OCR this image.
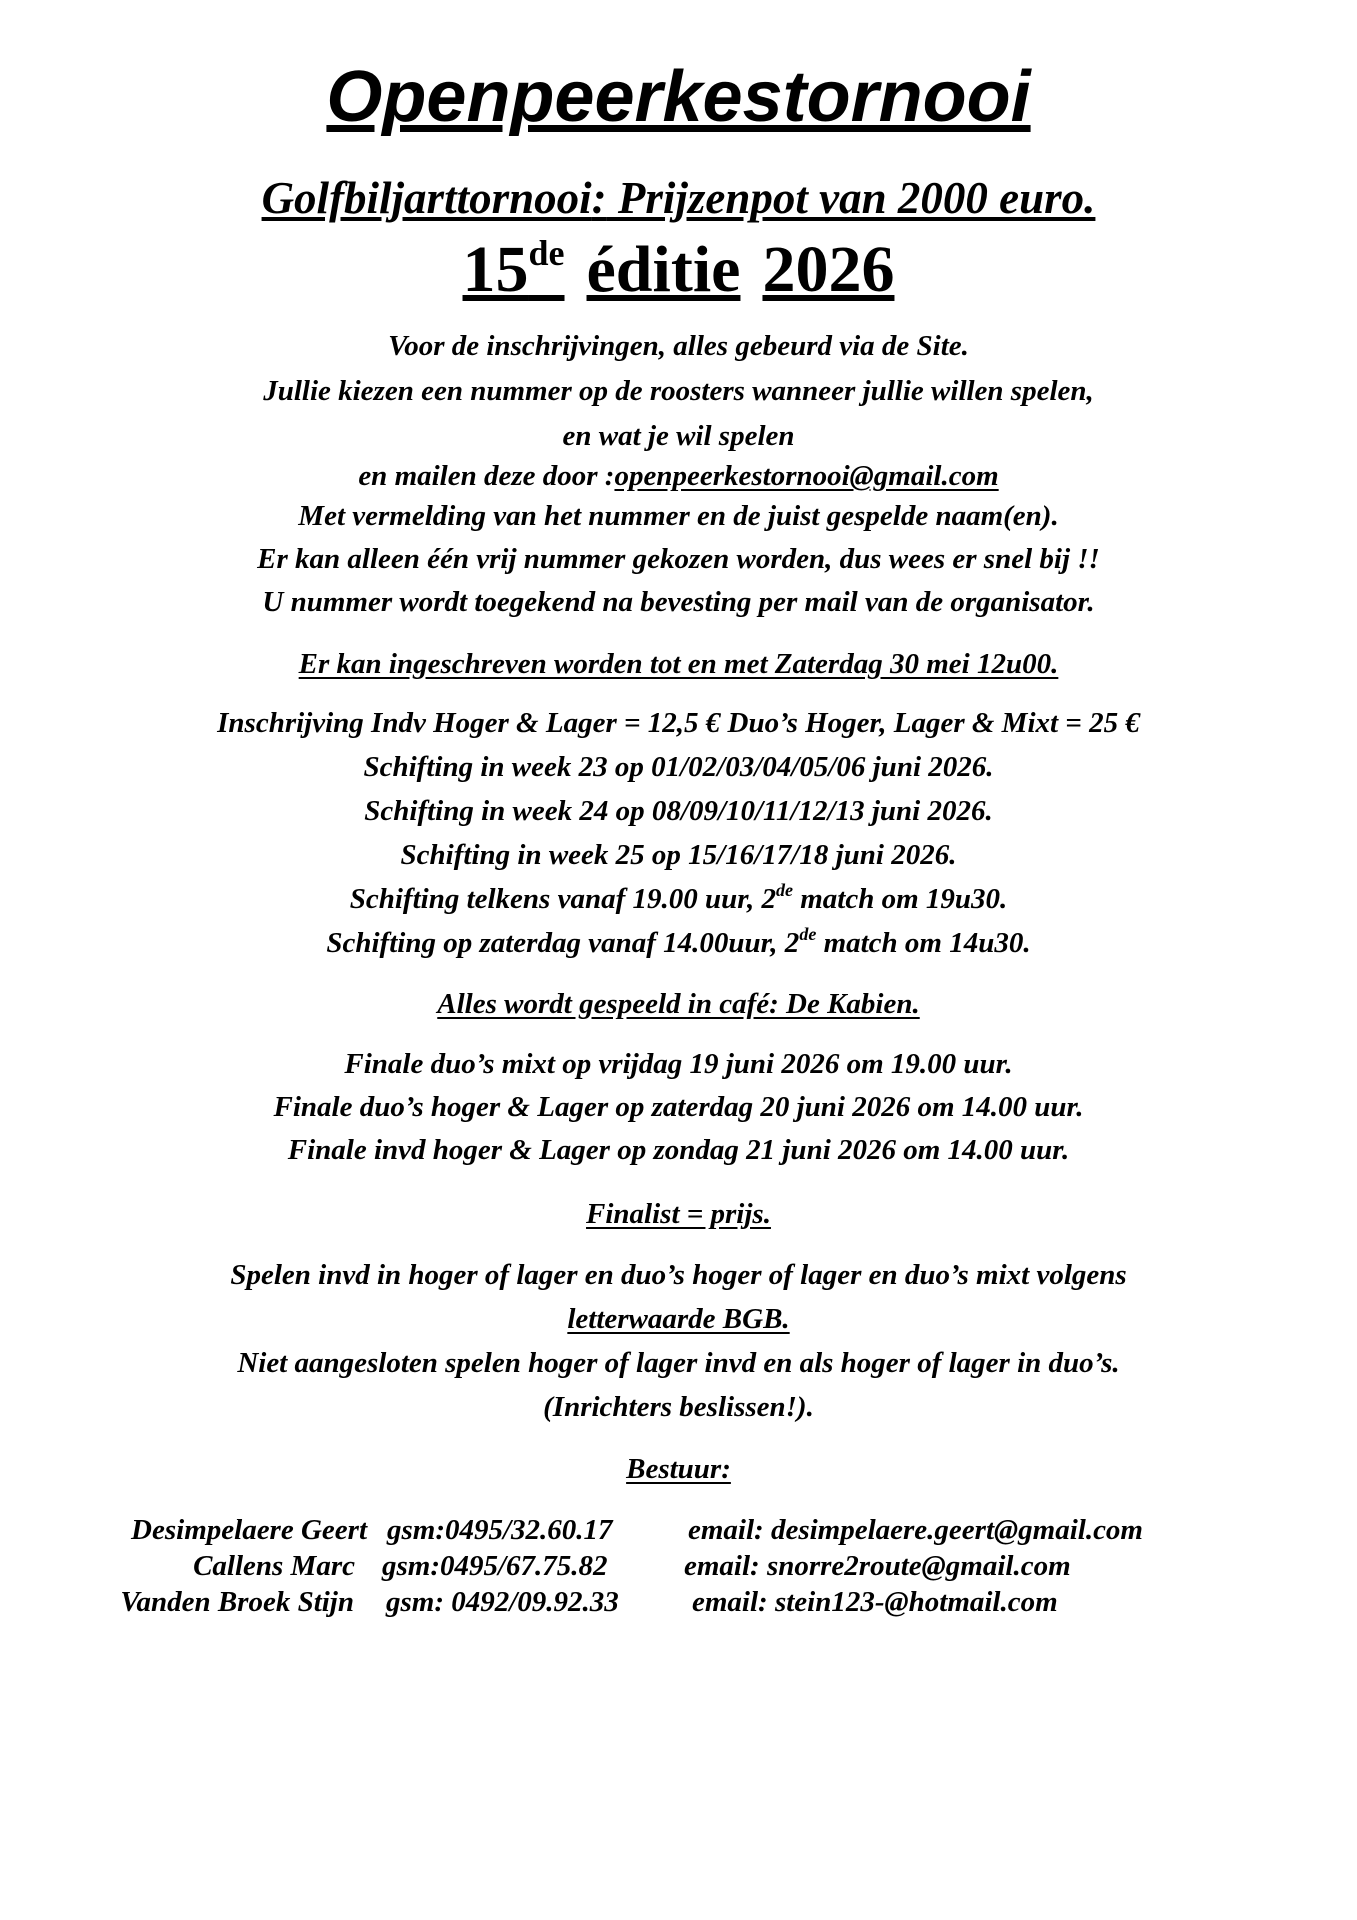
Openpeerkestornooi
Golfbiljarttornooi: Prijzenpot van 2000 euro.
15de éditie 2026
Voor de inschrijvingen, alles gebeurd via de Site.
Jullie kiezen een nummer op de roosters wanneer jullie willen spelen,
en wat je wil spelen
en mailen deze door :openpeerkestornooi@gmail.com
Met vermelding van het nummer en de juist gespelde naam(en).
Er kan alleen één vrij nummer gekozen worden, dus wees er snel bij !!
U nummer wordt toegekend na bevesting per mail van de organisator.
Er kan ingeschreven worden tot en met Zaterdag 30 mei 12u00.
Inschrijving Indv Hoger & Lager = 12,5 € Duo’s Hoger, Lager & Mixt = 25 €
Schifting in week 23 op 01/02/03/04/05/06 juni 2026.
Schifting in week 24 op 08/09/10/11/12/13 juni 2026.
Schifting in week 25 op 15/16/17/18 juni 2026.
Schifting telkens vanaf 19.00 uur, 2de match om 19u30.
Schifting op zaterdag vanaf 14.00uur, 2de match om 14u30.
Alles wordt gespeeld in café: De Kabien.
Finale duo’s mixt op vrijdag 19 juni 2026 om 19.00 uur.
Finale duo’s hoger & Lager op zaterdag 20 juni 2026 om 14.00 uur.
Finale invd hoger & Lager op zondag 21 juni 2026 om 14.00 uur.
Finalist = prijs.
Spelen invd in hoger of lager en duo’s hoger of lager en duo’s mixt volgens
letterwaarde BGB.
Niet aangesloten spelen hoger of lager invd en als hoger of lager in duo’s.
(Inrichters beslissen!).
Bestuur:
Desimpelaere Geert gsm:0495/32.60.17	email: desimpelaere.geert@gmail.com
Callens Marc gsm:0495/67.75.82	email: snorre2route@gmail.com
Vanden Broek Stijn gsm: 0492/09.92.33	email: stein123-@hotmail.com
